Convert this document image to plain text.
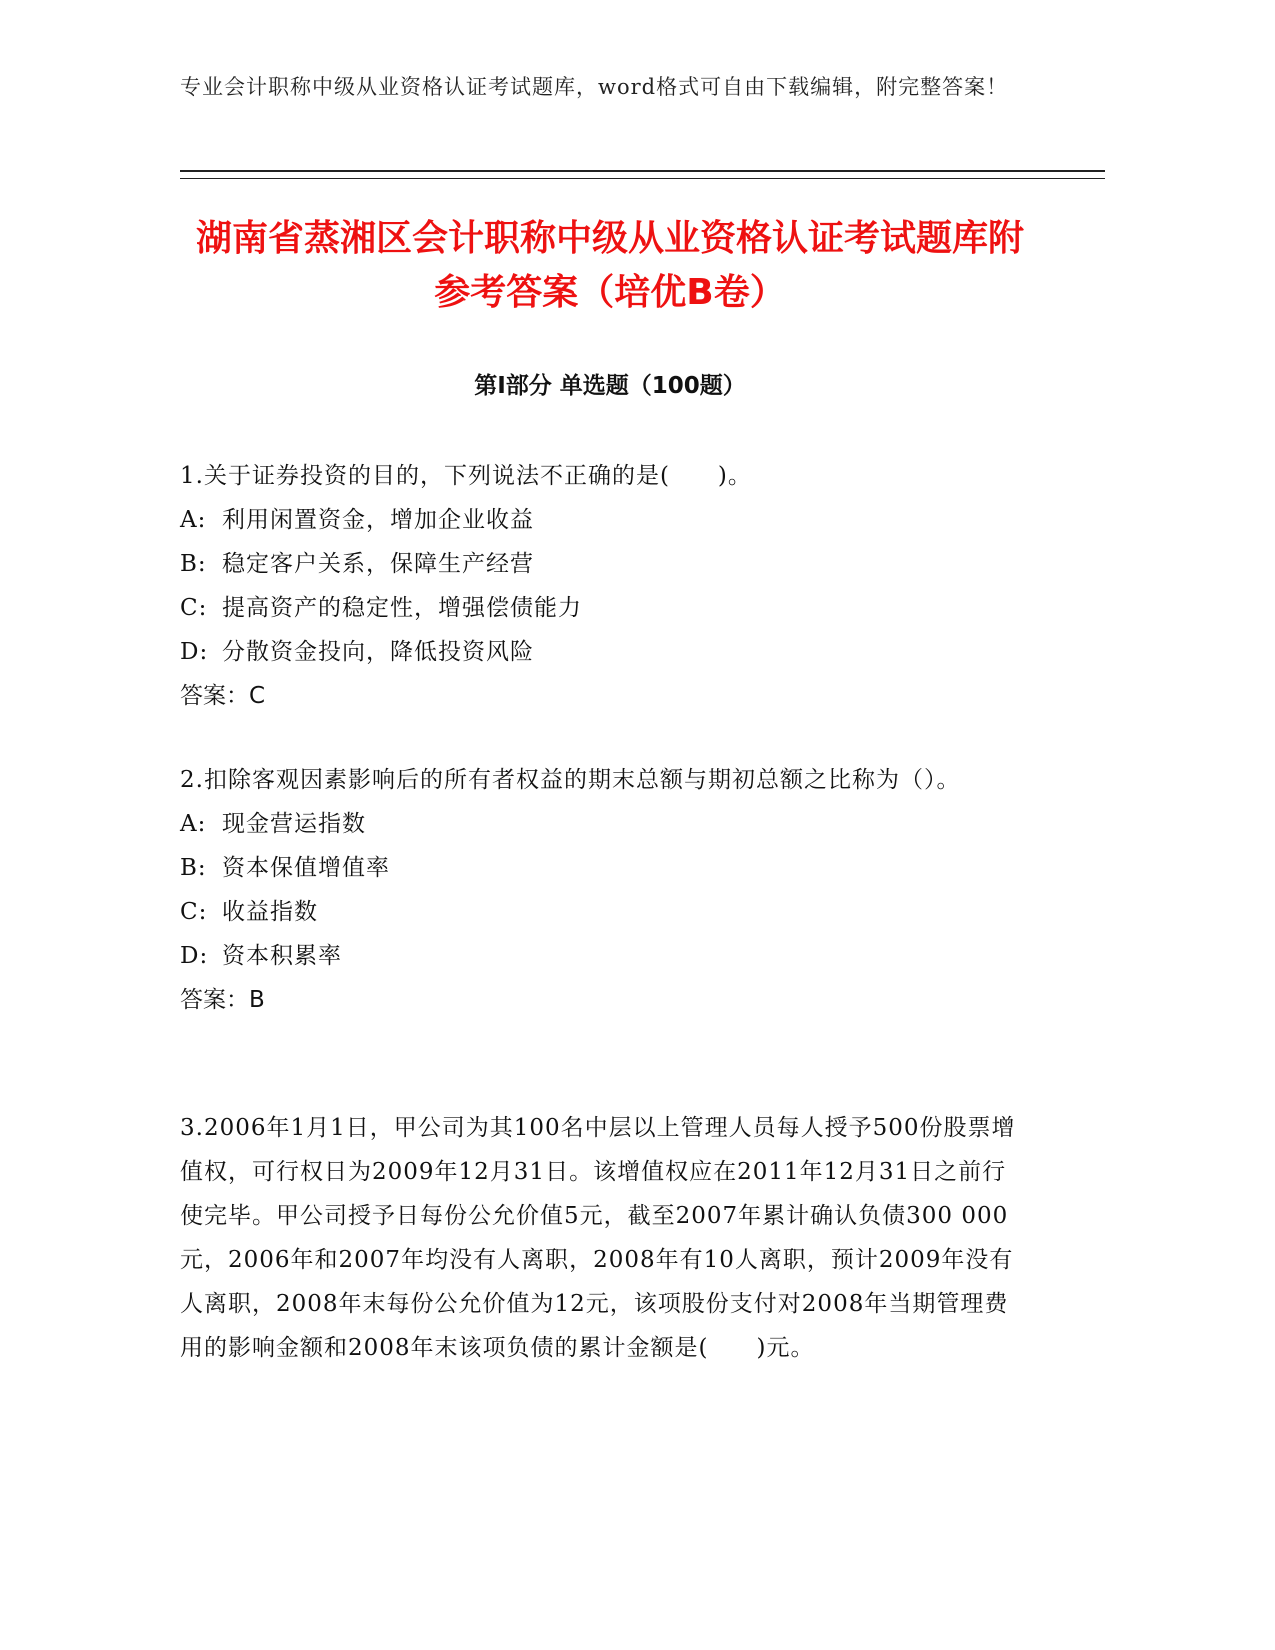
专业会计职称中级从业资格认证考试题库，word格式可自由下载编辑，附完整答案！
湖南省蒸湘区会计职称中级从业资格认证考试题库附参考答案（培优B卷）
第Ⅰ部分 单选题（100题）

1.关于证券投资的目的，下列说法不正确的是(　　)。

A: 利用闲置资金，增加企业收益

B: 稳定客户关系，保障生产经营

C: 提高资产的稳定性，增强偿债能力

D: 分散资金投向，降低投资风险

答案：C

2.扣除客观因素影响后的所有者权益的期末总额与期初总额之比称为（）。

A: 现金营运指数

B: 资本保值增值率

C: 收益指数

D: 资本积累率

答案：B

3.2006年1月1日，甲公司为其100名中层以上管理人员每人授予500份股票增值权，可行权日为2009年12月31日。该增值权应在2011年12月31日之前行使完毕。甲公司授予日每份公允价值5元，截至2007年累计确认负债300 000元，2006年和2007年均没有人离职，2008年有10人离职，预计2009年没有人离职，2008年末每份公允价值为12元，该项股份支付对2008年当期管理费用的影响金额和2008年末该项负债的累计金额是(　　)元。
